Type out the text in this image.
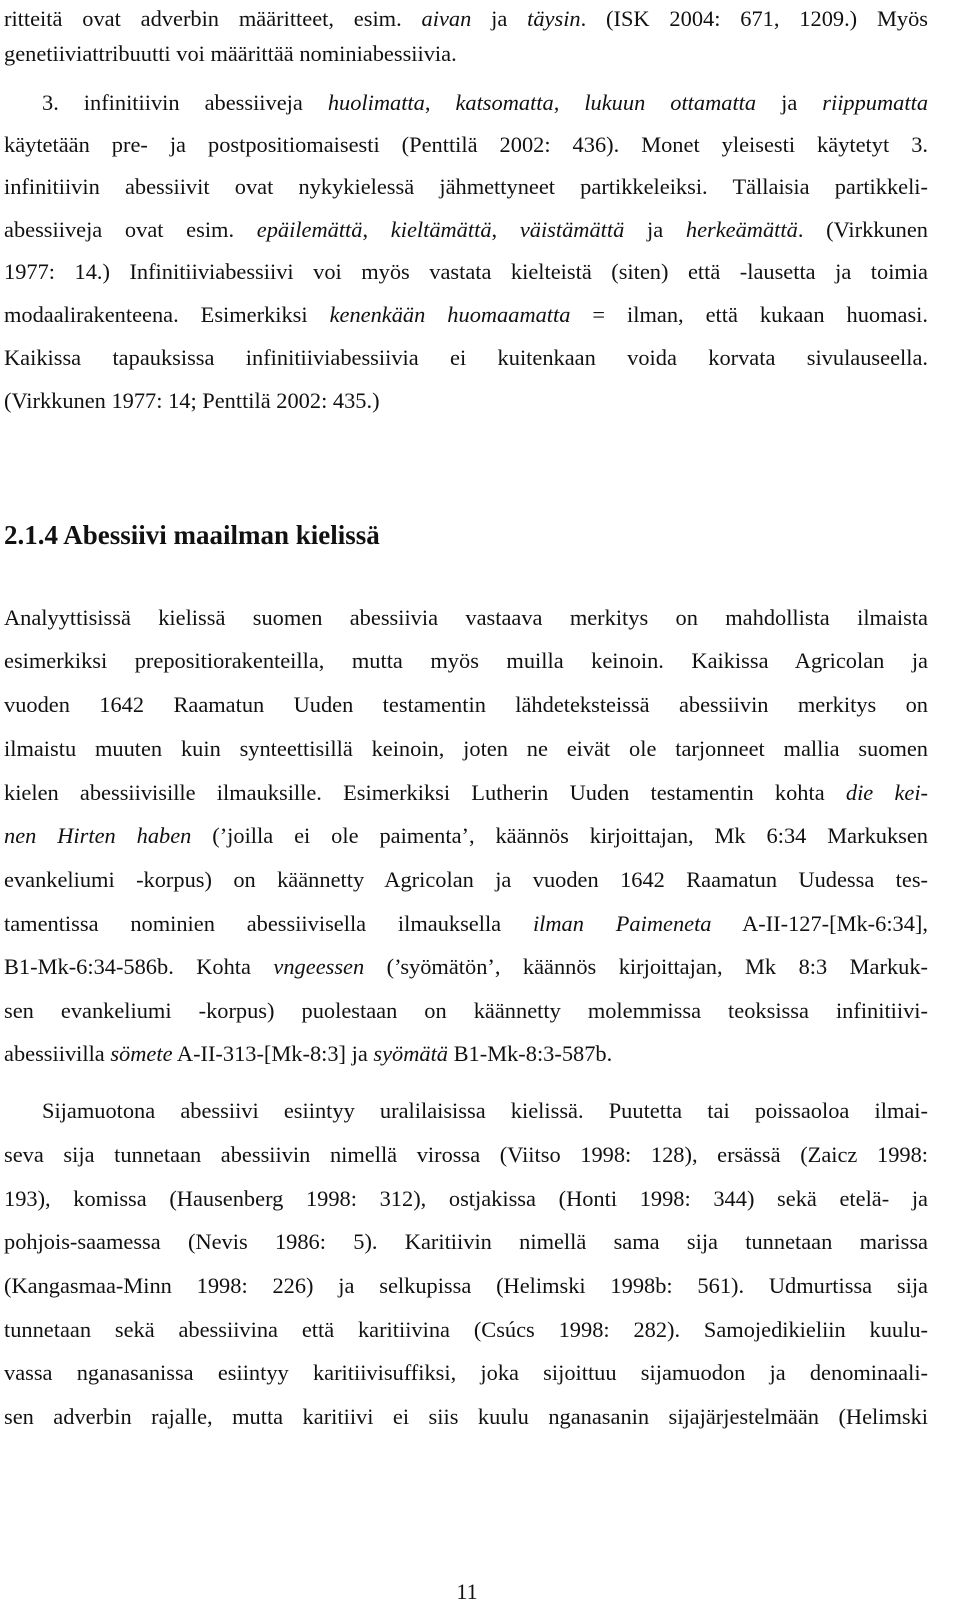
ritteitä ovat adverbin määritteet, esim. aivan ja täysin. (ISK 2004: 671, 1209.) Myös
genetiiviattribuutti voi määrittää nominiabessiivia.
3. infinitiivin abessiiveja huolimatta, katsomatta, lukuun ottamatta ja riippumatta
käytetään pre- ja postpositiomaisesti (Penttilä 2002: 436). Monet yleisesti käytetyt 3.
infinitiivin abessiivit ovat nykykielessä jähmettyneet partikkeleiksi. Tällaisia partikkeli-
abessiiveja ovat esim. epäilemättä, kieltämättä, väistämättä ja herkeämättä. (Virkkunen
1977: 14.) Infinitiiviabessiivi voi myös vastata kielteistä (siten) että -lausetta ja toimia
modaalirakenteena. Esimerkiksi kenenkään huomaamatta = ilman, että kukaan huomasi.
Kaikissa tapauksissa infinitiiviabessiivia ei kuitenkaan voida korvata sivulauseella.
(Virkkunen 1977: 14; Penttilä 2002: 435.)
2.1.4 Abessiivi maailman kielissä
Analyyttisissä kielissä suomen abessiivia vastaava merkitys on mahdollista ilmaista
esimerkiksi prepositiorakenteilla, mutta myös muilla keinoin. Kaikissa Agricolan ja
vuoden 1642 Raamatun Uuden testamentin lähdeteksteissä abessiivin merkitys on
ilmaistu muuten kuin synteettisillä keinoin, joten ne eivät ole tarjonneet mallia suomen
kielen abessiivisille ilmauksille. Esimerkiksi Lutherin Uuden testamentin kohta die kei-
nen Hirten haben (’joilla ei ole paimenta’, käännös kirjoittajan, Mk 6:34 Markuksen
evankeliumi -korpus) on käännetty Agricolan ja vuoden 1642 Raamatun Uudessa tes-
tamentissa nominien abessiivisella ilmauksella ilman Paimeneta A-II-127-[Mk-6:34],
B1-Mk-6:34-586b. Kohta vngeessen (’syömätön’, käännös kirjoittajan, Mk 8:3 Markuk-
sen evankeliumi -korpus) puolestaan on käännetty molemmissa teoksissa infinitiivi-
abessiivilla sömete A-II-313-[Mk-8:3] ja syömätä B1-Mk-8:3-587b.
Sijamuotona abessiivi esiintyy uralilaisissa kielissä. Puutetta tai poissaoloa ilmai-
seva sija tunnetaan abessiivin nimellä virossa (Viitso 1998: 128), ersässä (Zaicz 1998:
193), komissa (Hausenberg 1998: 312), ostjakissa (Honti 1998: 344) sekä etelä- ja
pohjois-saamessa (Nevis 1986: 5). Karitiivin nimellä sama sija tunnetaan marissa
(Kangasmaa-Minn 1998: 226) ja selkupissa (Helimski 1998b: 561). Udmurtissa sija
tunnetaan sekä abessiivina että karitiivina (Csúcs 1998: 282). Samojedikieliin kuulu-
vassa nganasanissa esiintyy karitiivisuffiksi, joka sijoittuu sijamuodon ja denominaali-
sen adverbin rajalle, mutta karitiivi ei siis kuulu nganasanin sijajärjestelmään (Helimski
11
